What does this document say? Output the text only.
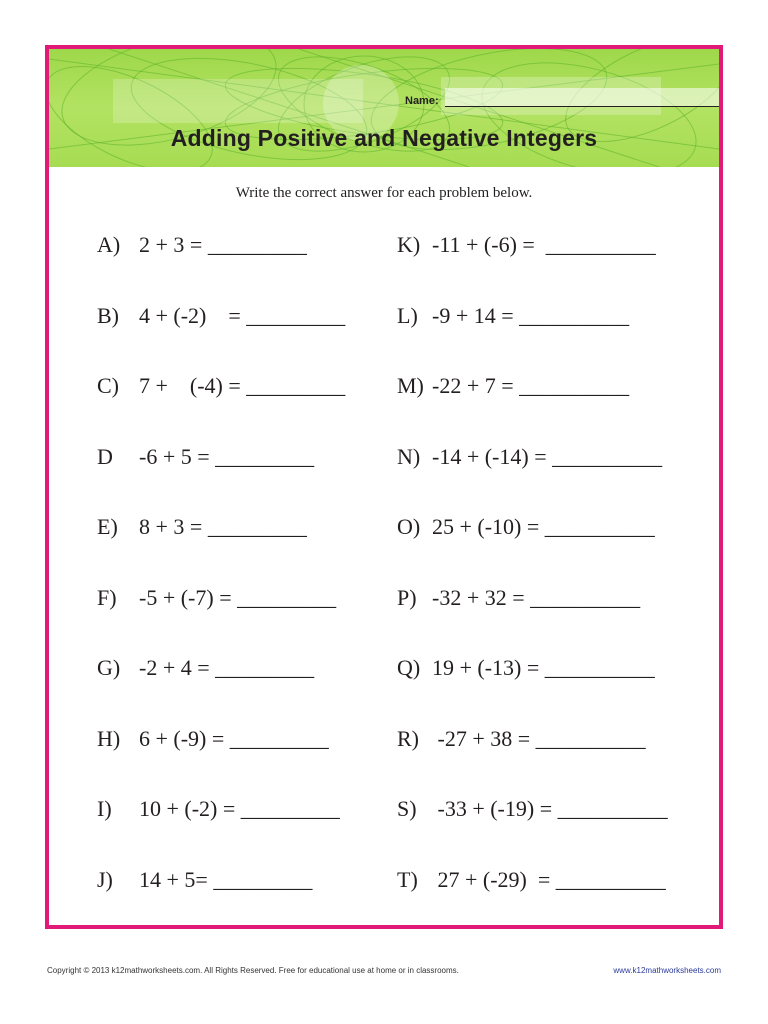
Name:
Adding Positive and Negative Integers
Write the correct answer for each problem below.
A) 2 + 3 = _________
B) 4 + (-2)    = _________
C) 7 +    (-4) = _________
D -6 + 5 = _________
E) 8 + 3 = _________
F) -5 + (-7) = _________
G) -2 + 4 = _________
H) 6 + (-9) = _________
I) 10 + (-2) = _________
J) 14 + 5= _________
K) -11 + (-6) =  __________
L) -9 + 14 = __________
M) -22 + 7 = __________
N) -14 + (-14) = __________
O) 25 + (-10) = __________
P) -32 + 32 = __________
Q) 19 + (-13) = __________
R) -27 + 38 = __________
S) -33 + (-19) = __________
T) 27 + (-29)  = __________
Copyright © 2013 k12mathworksheets.com. All Rights Reserved. Free for educational use at home or in classrooms.	www.k12mathworksheets.com
